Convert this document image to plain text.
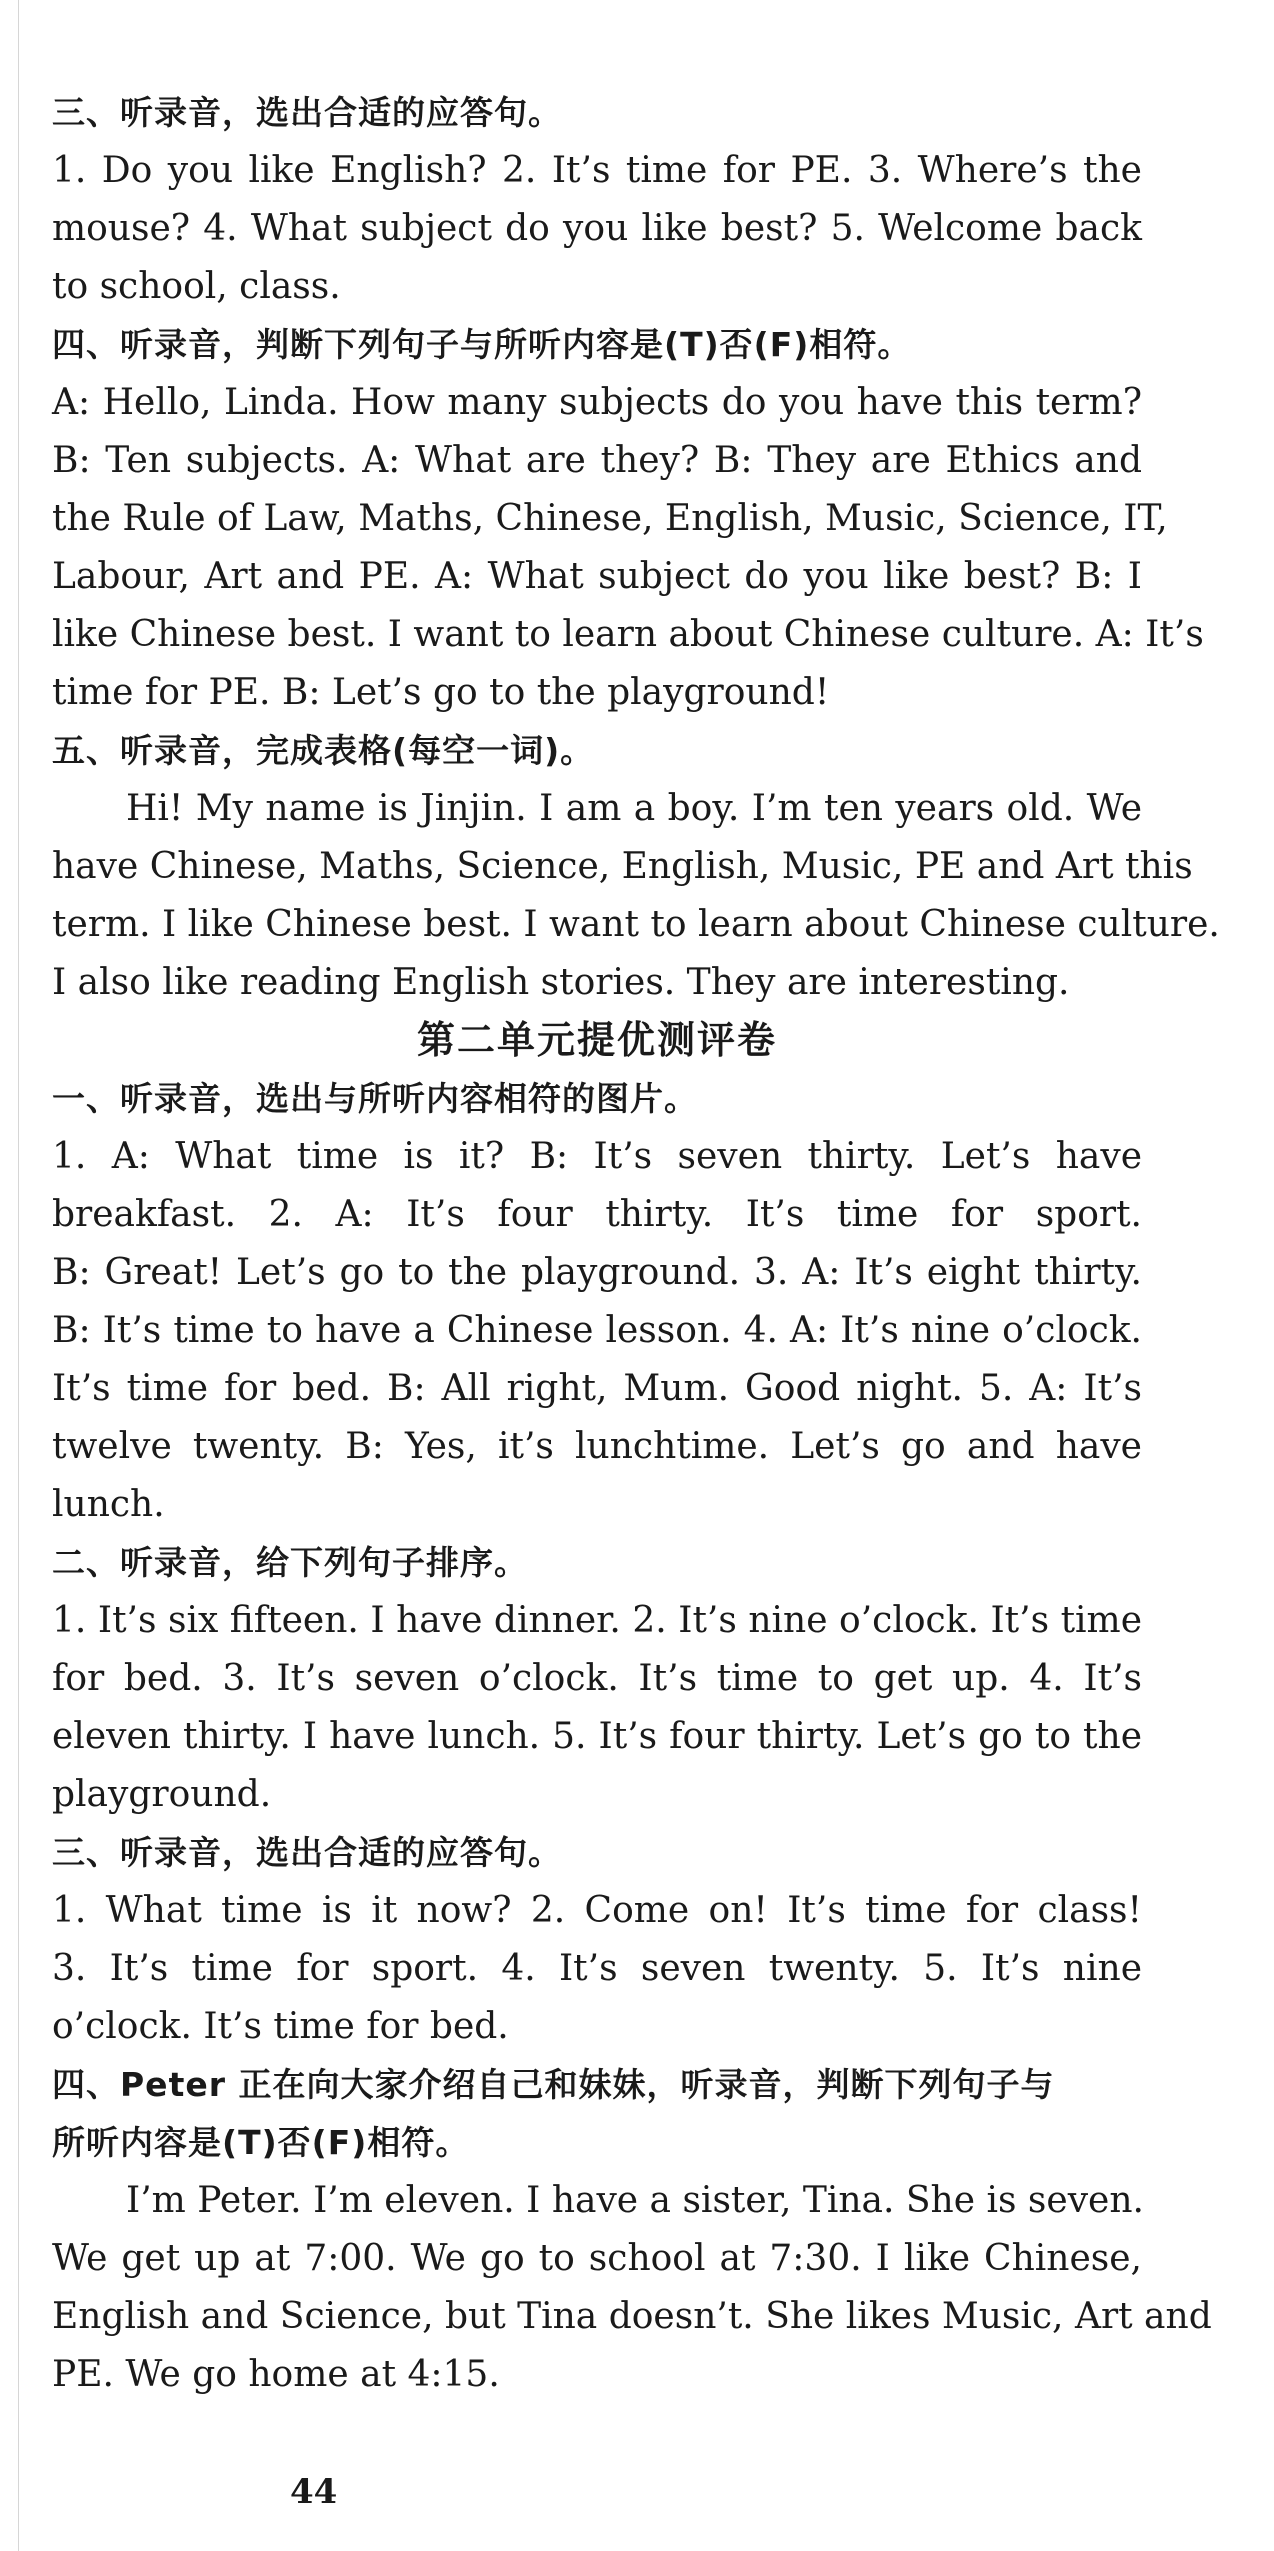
三、听录音，选出合适的应答句。
1. Do you like English? 2. It’s time for PE. 3. Where’s the
mouse? 4. What subject do you like best? 5. Welcome back
to school, class.
四、听录音，判断下列句子与所听内容是(T)否(F)相符。
A: Hello, Linda. How many subjects do you have this term?
B: Ten subjects. A: What are they? B: They are Ethics and
the Rule of Law, Maths, Chinese, English, Music, Science, IT,
Labour, Art and PE. A: What subject do you like best? B: I
like Chinese best. I want to learn about Chinese culture. A: It’s
time for PE. B: Let’s go to the playground!
五、听录音，完成表格(每空一词)。
Hi! My name is Jinjin. I am a boy. I’m ten years old. We
have Chinese, Maths, Science, English, Music, PE and Art this
term. I like Chinese best. I want to learn about Chinese culture.
I also like reading English stories. They are interesting.
第二单元提优测评卷
一、听录音，选出与所听内容相符的图片。
1. A: What time is it? B: It’s seven thirty. Let’s have
breakfast. 2. A: It’s four thirty. It’s time for sport.
B: Great! Let’s go to the playground. 3. A: It’s eight thirty.
B: It’s time to have a Chinese lesson. 4. A: It’s nine o’clock.
It’s time for bed. B: All right, Mum. Good night. 5. A: It’s
twelve twenty. B: Yes, it’s lunchtime. Let’s go and have
lunch.
二、听录音，给下列句子排序。
1. It’s six fifteen. I have dinner. 2. It’s nine o’clock. It’s time
for bed. 3. It’s seven o’clock. It’s time to get up. 4. It’s
eleven thirty. I have lunch. 5. It’s four thirty. Let’s go to the
playground.
三、听录音，选出合适的应答句。
1. What time is it now? 2. Come on! It’s time for class!
3. It’s time for sport. 4. It’s seven twenty. 5. It’s nine
o’clock. It’s time for bed.
四、Peter 正在向大家介绍自己和妹妹，听录音，判断下列句子与
所听内容是(T)否(F)相符。
I’m Peter. I’m eleven. I have a sister, Tina. She is seven.
We get up at 7:00. We go to school at 7:30. I like Chinese,
English and Science, but Tina doesn’t. She likes Music, Art and
PE. We go home at 4:15.
44
